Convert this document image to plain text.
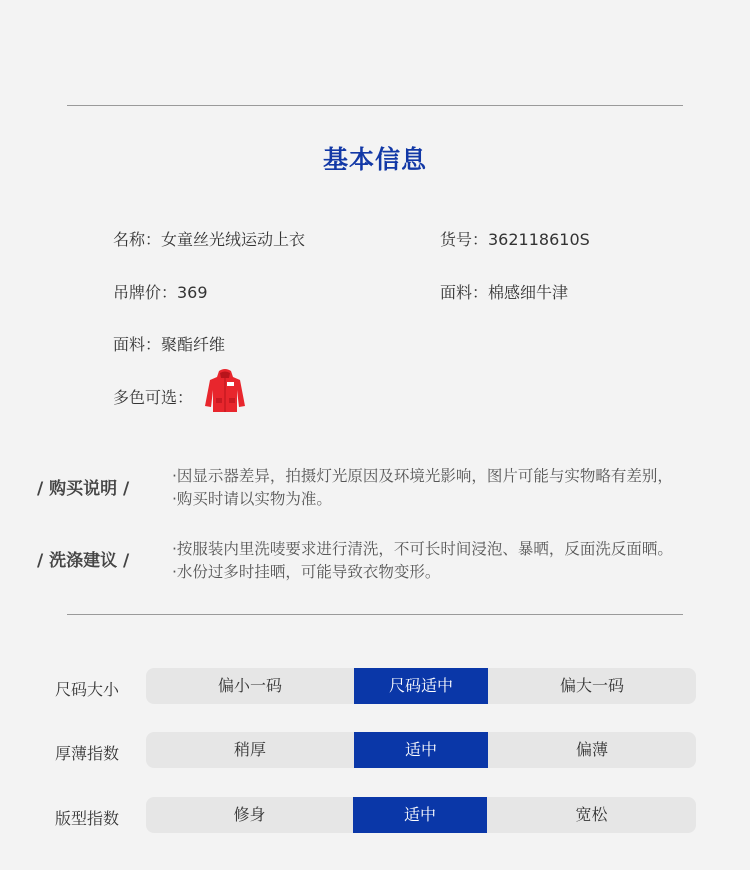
基本信息
名称：女童丝光绒运动上衣	货号：362118610S
吊牌价：369	面料：棉感细牛津
面料：聚酯纤维
多色可选：
/ 购买说明 /
·因显示器差异，拍摄灯光原因及环境光影响，图片可能与实物略有差别，
·购买时请以实物为准。
/ 洗涤建议 /
·按服装内里洗唛要求进行清洗，不可长时间浸泡、暴晒，反面洗反面晒。
·水份过多时挂晒，可能导致衣物变形。
尺码大小	偏小一码	尺码适中	偏大一码
厚薄指数	稍厚	适中	偏薄
版型指数	修身	适中	宽松
